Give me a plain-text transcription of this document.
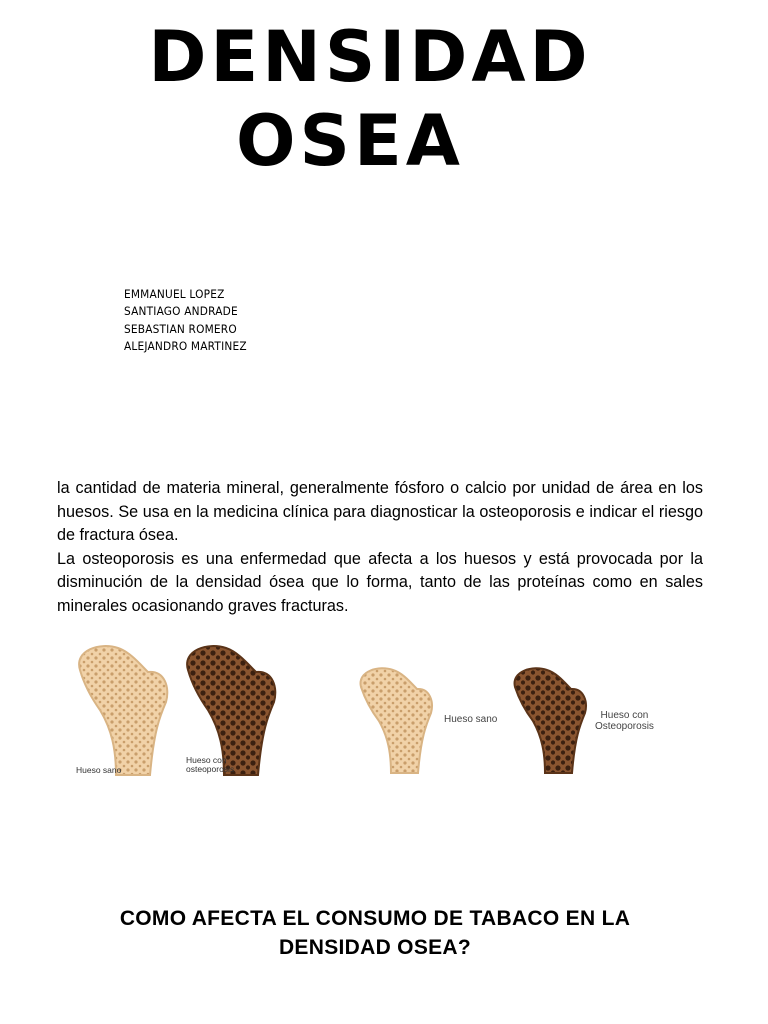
DENSIDAD
OSEA
EMMANUEL LOPEZ
SANTIAGO ANDRADE
SEBASTIAN ROMERO
ALEJANDRO MARTINEZ

la cantidad de materia mineral, generalmente fósforo o calcio por unidad de área en los huesos. Se usa en la medicina clínica para diagnosticar la osteoporosis e indicar el riesgo de fractura ósea.

La osteoporosis es una enfermedad que afecta a los huesos y está provocada por la disminución de la densidad ósea que lo forma, tanto de las proteínas como en sales minerales ocasionando graves fracturas.

Hueso sano
Hueso con
osteoporosis
Hueso sano	Hueso con
Osteoporosis
COMO AFECTA EL CONSUMO DE TABACO EN LA
DENSIDAD OSEA?
